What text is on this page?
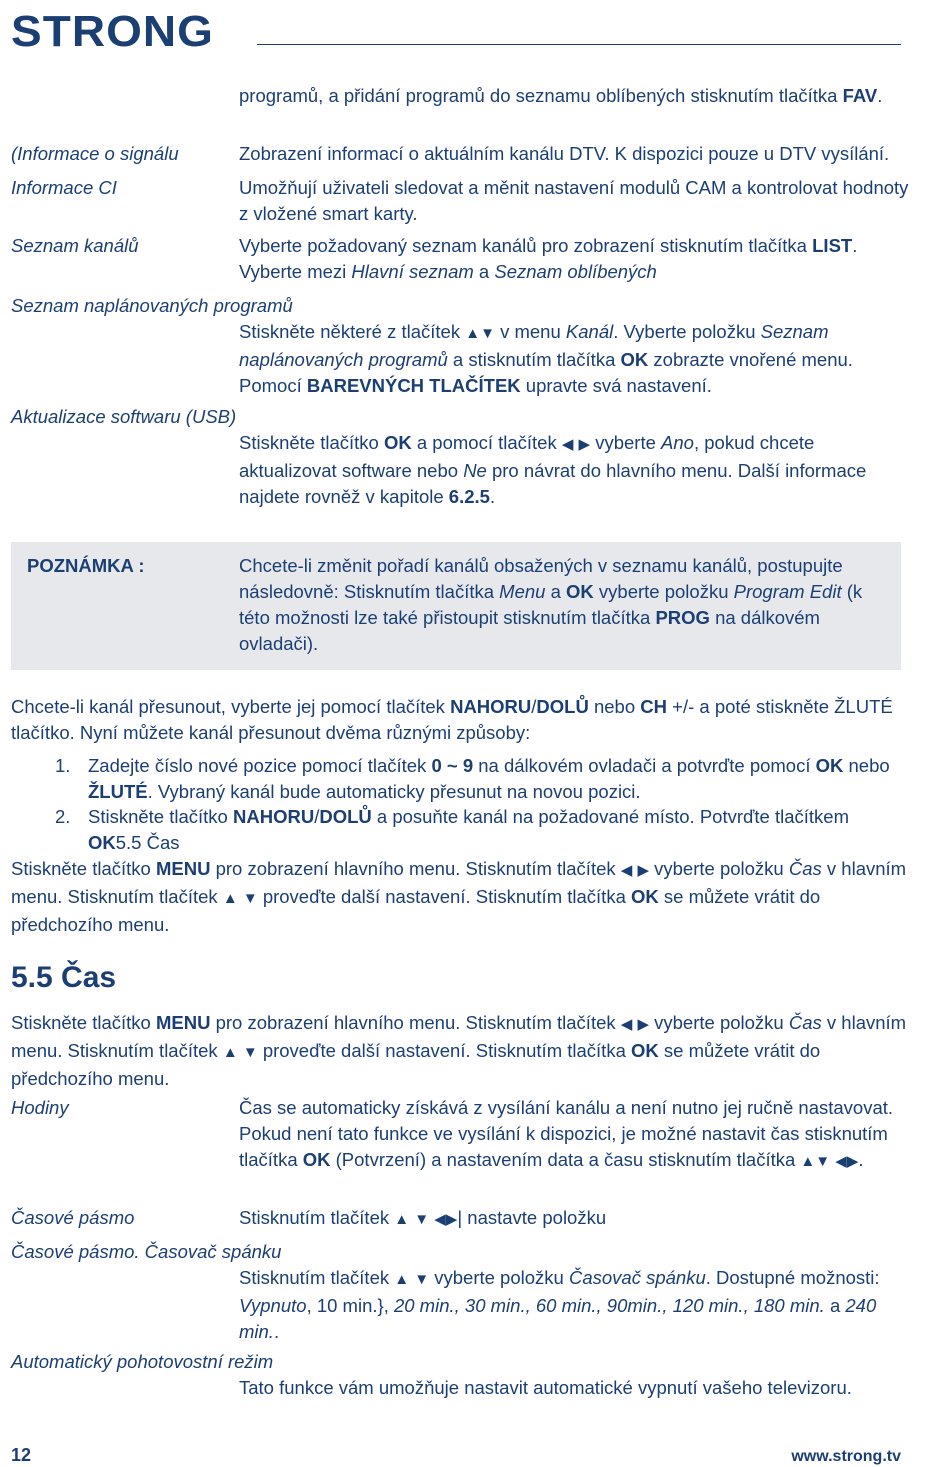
STRONG
programů, a přidání programů do seznamu oblíbených stisknutím tlačítka FAV.
(Informace o signálu	Zobrazení informací o aktuálním kanálu DTV. K dispozici pouze u DTV vysílání.
Informace CI	Umožňují uživateli sledovat a měnit nastavení modulů CAM a kontrolovat hodnoty z vložené smart karty.
Seznam kanálů	Vyberte požadovaný seznam kanálů pro zobrazení stisknutím tlačítka LIST. Vyberte mezi Hlavní seznam a Seznam oblíbených
Seznam naplánovaných programů
Stiskněte některé z tlačítek ▲▼ v menu Kanál. Vyberte položku Seznam naplánovaných programů a stisknutím tlačítka OK zobrazte vnořené menu. Pomocí BAREVNÝCH TLAČÍTEK upravte svá nastavení.
Aktualizace softwaru (USB)
Stiskněte tlačítko OK a pomocí tlačítek ◀ ▶ vyberte Ano, pokud chcete aktualizovat software nebo Ne pro návrat do hlavního menu. Další informace najdete rovněž v kapitole 6.2.5.
POZNÁMKA :	Chcete-li změnit pořadí kanálů obsažených v seznamu kanálů, postupujte následovně: Stisknutím tlačítka Menu a OK vyberte položku Program Edit (k této možnosti lze také přistoupit stisknutím tlačítka PROG na dálkovém ovladači).
Chcete-li kanál přesunout, vyberte jej pomocí tlačítek NAHORU/DOLŮ nebo CH +/- a poté stiskněte ŽLUTÉ tlačítko. Nyní můžete kanál přesunout dvěma různými způsoby:
1. Zadejte číslo nové pozice pomocí tlačítek 0 ~ 9 na dálkovém ovladači a potvrďte pomocí OK nebo ŽLUTÉ. Vybraný kanál bude automaticky přesunut na novou pozici.
2. Stiskněte tlačítko NAHORU/DOLŮ a posuňte kanál na požadované místo. Potvrďte tlačítkem OK5.5 Čas
Stiskněte tlačítko MENU pro zobrazení hlavního menu. Stisknutím tlačítek ◀ ▶ vyberte položku Čas v hlavním menu. Stisknutím tlačítek ▲ ▼ proveďte další nastavení. Stisknutím tlačítka OK se můžete vrátit do předchozího menu.
5.5 Čas
Stiskněte tlačítko MENU pro zobrazení hlavního menu. Stisknutím tlačítek ◀ ▶ vyberte položku Čas v hlavním menu. Stisknutím tlačítek ▲ ▼ proveďte další nastavení. Stisknutím tlačítka OK se můžete vrátit do předchozího menu.
Hodiny	Čas se automaticky získává z vysílání kanálu a není nutno jej ručně nastavovat. Pokud není tato funkce ve vysílání k dispozici, je možné nastavit čas stisknutím tlačítka OK (Potvrzení) a nastavením data a času stisknutím tlačítka ▲▼ ◀▶.
Časové pásmo	Stisknutím tlačítek ▲ ▼ ◀▶| nastavte položku
Časové pásmo. Časovač spánku
Stisknutím tlačítek ▲ ▼ vyberte položku Časovač spánku. Dostupné možnosti: Vypnuto, 10 min.}, 20 min., 30 min., 60 min., 90min., 120 min., 180 min. a 240 min..
Automatický pohotovostní režim
Tato funkce vám umožňuje nastavit automatické vypnutí vašeho televizoru.
12	www.strong.tv
